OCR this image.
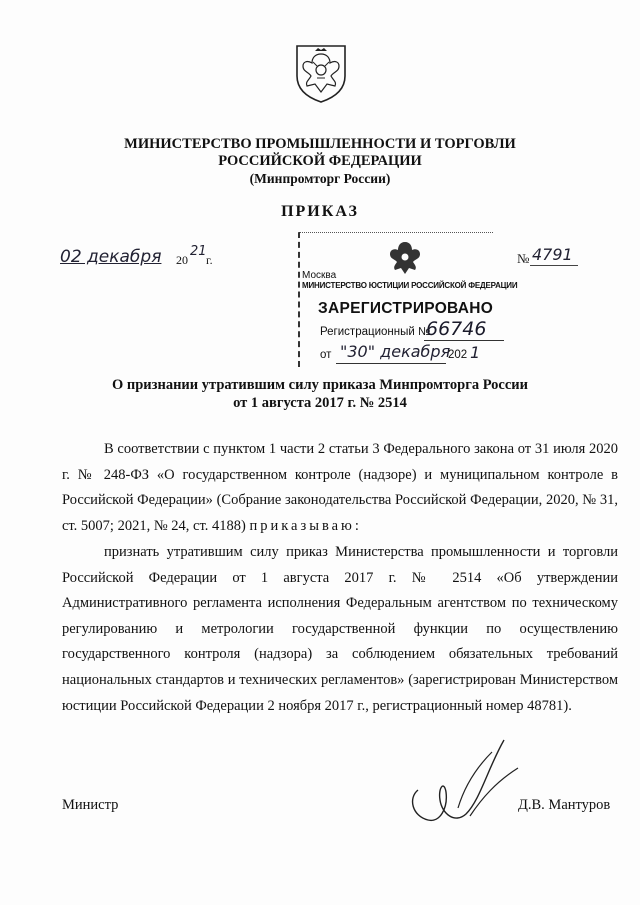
МИНИСТЕРСТВО ПРОМЫШЛЕННОСТИ И ТОРГОВЛИ
РОССИЙСКОЙ ФЕДЕРАЦИИ
(Минпромторг России)
ПРИКАЗ
02 декабря 20
21
г.	№ 4791
Москва
МИНИСТЕРСТВО ЮСТИЦИИ РОССИЙСКОЙ ФЕДЕРАЦИИ
ЗАРЕГИСТРИРОВАНО
Регистрационный №
66746
от "30" декабря
202 1
О признании утратившим силу приказа Минпромторга России
от 1 августа 2017 г. № 2514
В соответствии с пунктом 1 части 2 статьи 3 Федерального закона от 31 июля 2020 г. № 248-ФЗ «О государственном контроле (надзоре) и муниципальном контроле в Российской Федерации» (Собрание законодательства Российской Федерации, 2020, № 31, ст. 5007; 2021, № 24, ст. 4188) приказываю:
признать утратившим силу приказ Министерства промышленности и торговли Российской Федерации от 1 августа 2017 г. № 2514 «Об утверждении Административного регламента исполнения Федеральным агентством по техническому регулированию и метрологии государственной функции по осуществлению государственного контроля (надзора) за соблюдением обязательных требований национальных стандартов и технических регламентов» (зарегистрирован Министерством юстиции Российской Федерации 2 ноября 2017 г., регистрационный номер 48781).
Министр	Д.В. Мантуров
